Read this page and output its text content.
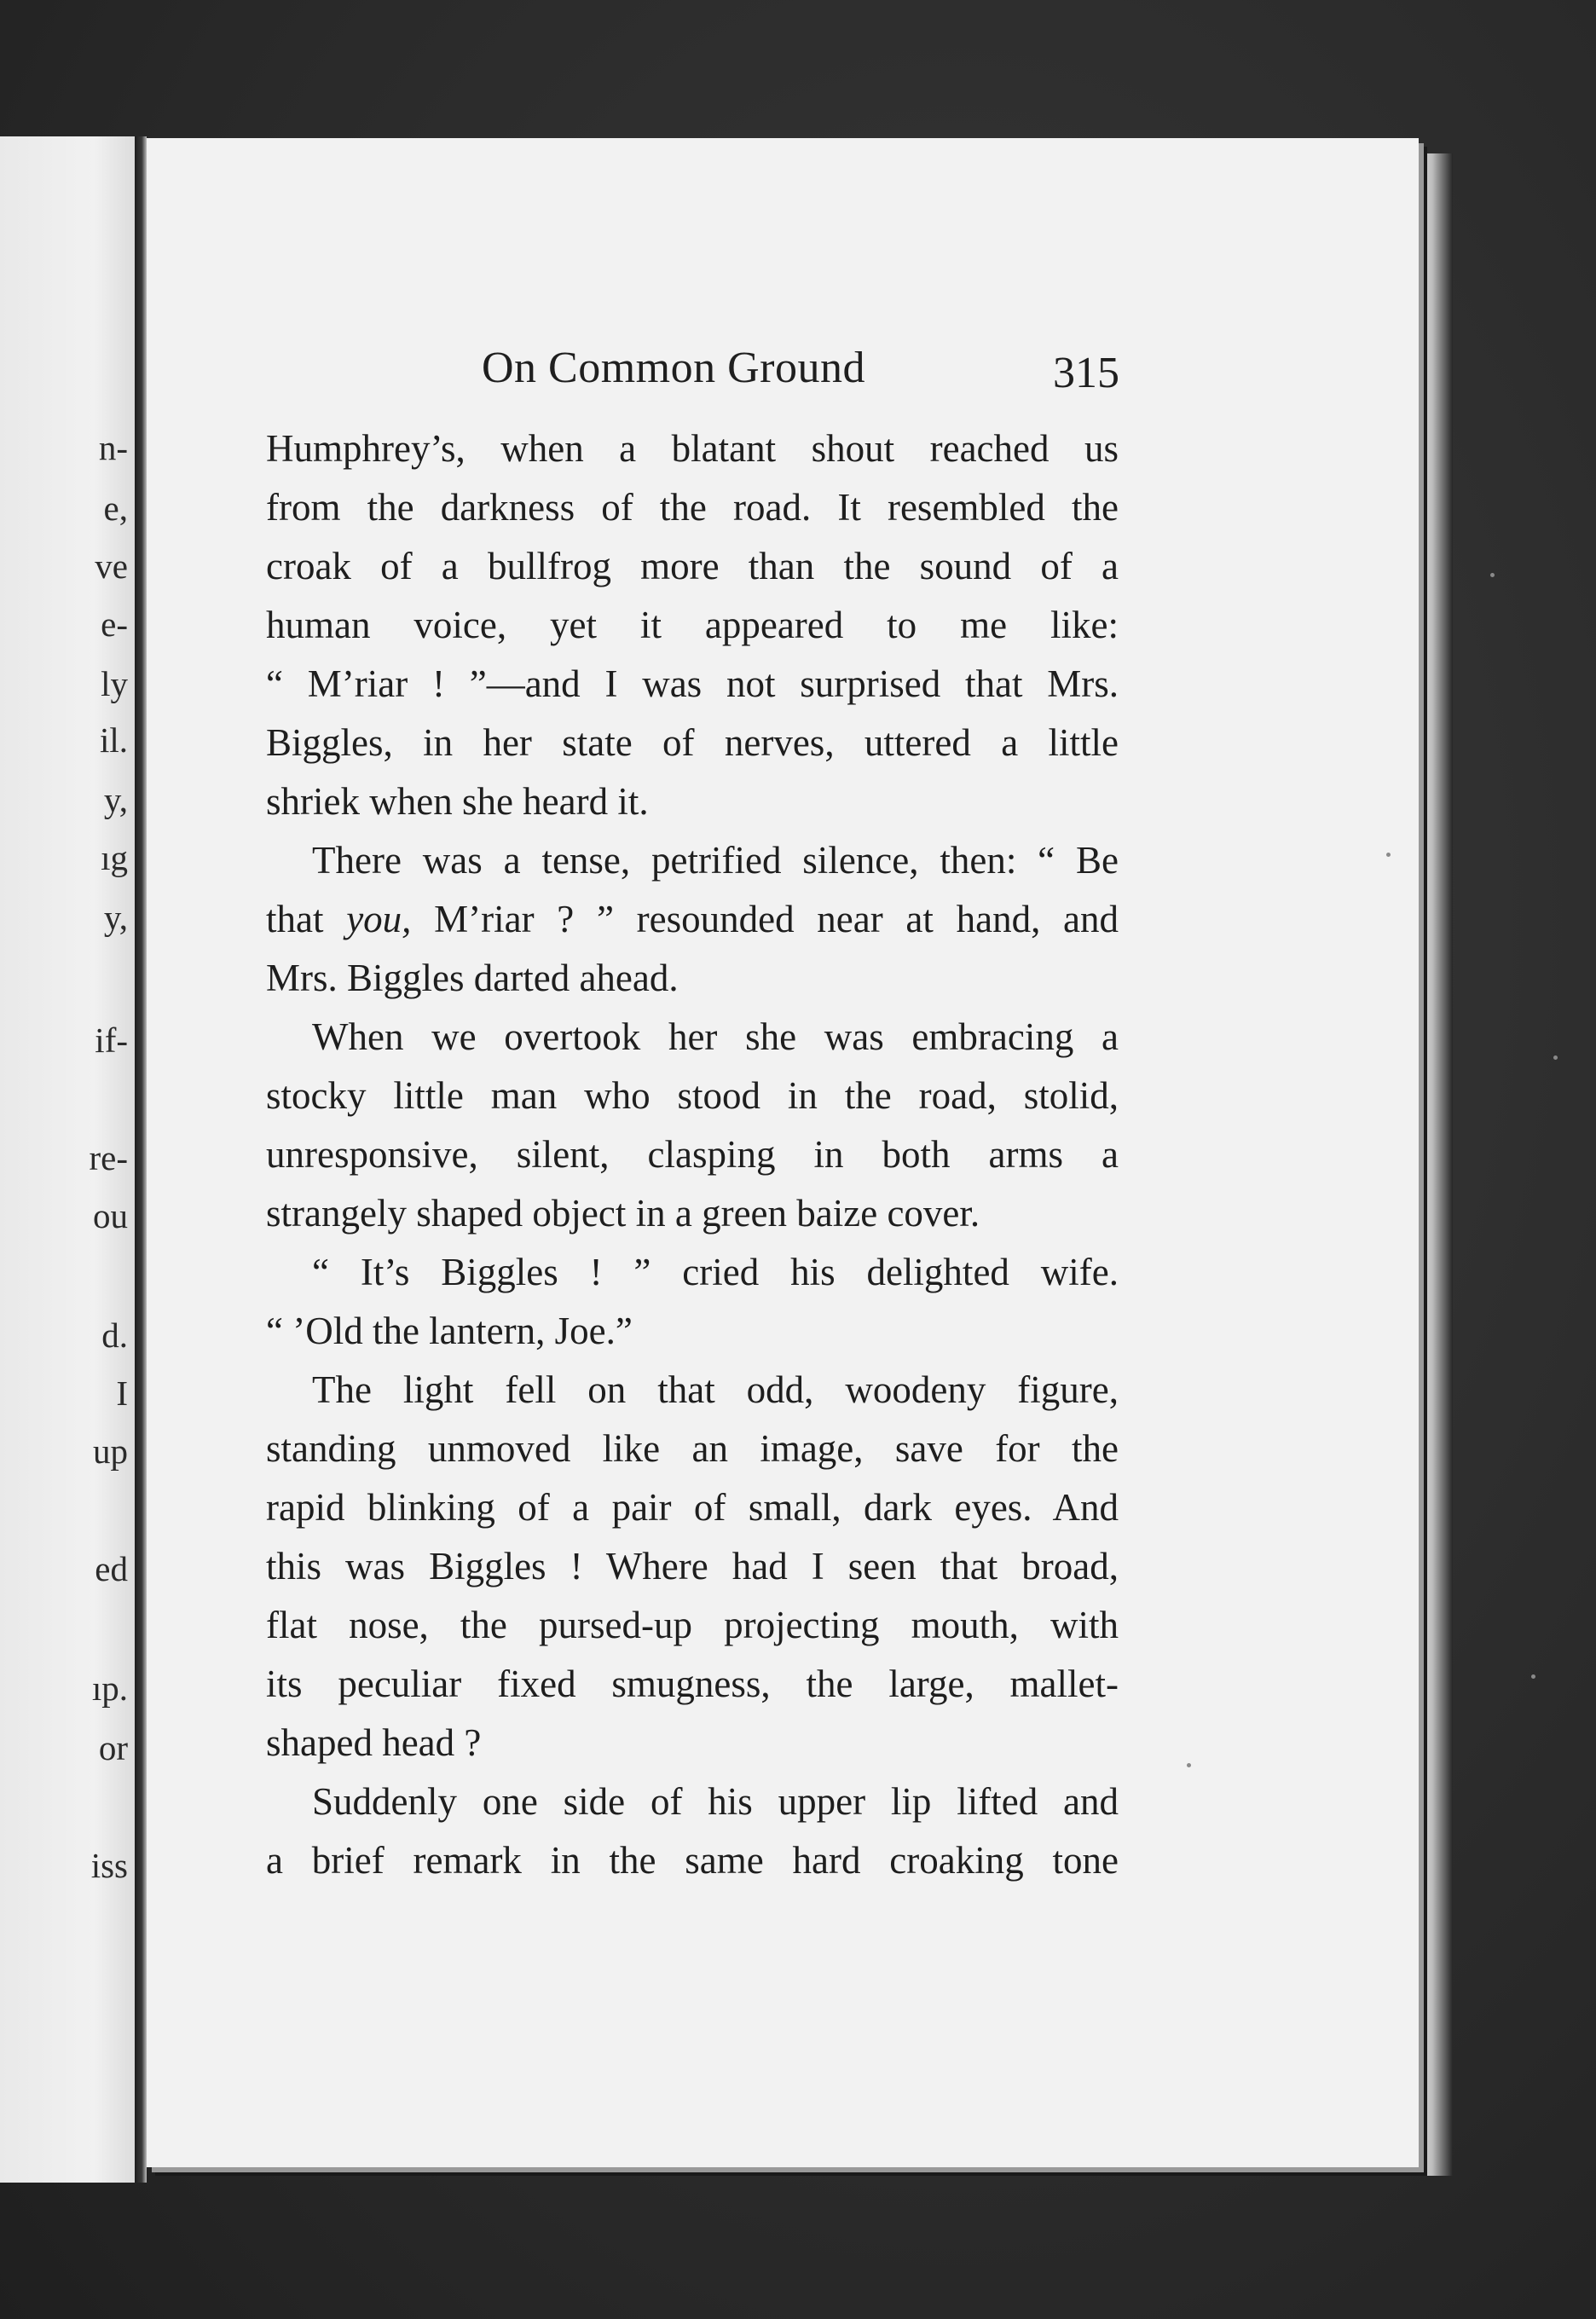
n-
e,
ve
e-
ly
il.
y,
ıg
y,
if-
re-
ou
d.
I
up
ed
ıp.
or
iss
On Common Ground	315
Humphrey’s, when a blatant shout reached us
from the darkness of the road. It resembled the
croak of a bullfrog more than the sound of a
human voice, yet it appeared to me like:
“ M’riar ! ”—and I was not surprised that Mrs.
Biggles, in her state of nerves, uttered a little
shriek when she heard it.
There was a tense, petrified silence, then: “ Be
that you, M’riar ? ” resounded near at hand, and
Mrs. Biggles darted ahead.
When we overtook her she was embracing a
stocky little man who stood in the road, stolid,
unresponsive, silent, clasping in both arms a
strangely shaped object in a green baize cover.
“ It’s Biggles ! ” cried his delighted wife.
“ ’Old the lantern, Joe.”
The light fell on that odd, woodeny figure,
standing unmoved like an image, save for the
rapid blinking of a pair of small, dark eyes. And
this was Biggles ! Where had I seen that broad,
flat nose, the pursed-up projecting mouth, with
its peculiar fixed smugness, the large, mallet-
shaped head ?
Suddenly one side of his upper lip lifted and
a brief remark in the same hard croaking tone
